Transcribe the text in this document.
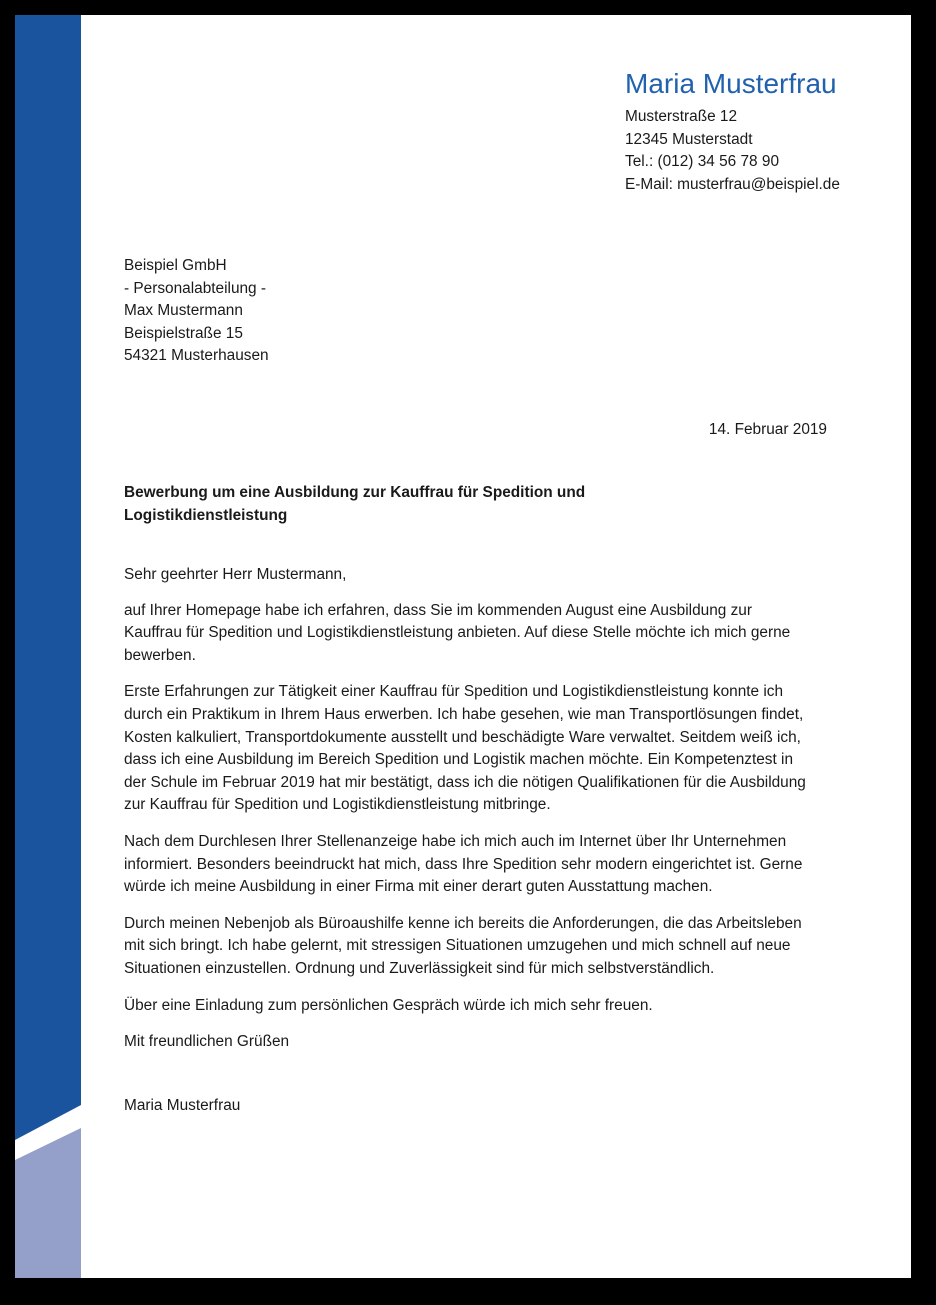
Maria Musterfrau
Musterstraße 12
12345 Musterstadt
Tel.: (012) 34 56 78 90
E-Mail: musterfrau@beispiel.de
Beispiel GmbH
- Personalabteilung -
Max Mustermann
Beispielstraße 15
54321 Musterhausen
14. Februar 2019
Bewerbung um eine Ausbildung zur Kauffrau für Spedition und Logistikdienstleistung
Sehr geehrter Herr Mustermann,

auf Ihrer Homepage habe ich erfahren, dass Sie im kommenden August eine Ausbildung zur Kauffrau für Spedition und Logistikdienstleistung anbieten. Auf diese Stelle möchte ich mich gerne bewerben.

Erste Erfahrungen zur Tätigkeit einer Kauffrau für Spedition und Logistikdienstleistung konnte ich durch ein Praktikum in Ihrem Haus erwerben. Ich habe gesehen, wie man Transportlösungen findet, Kosten kalkuliert, Transportdokumente ausstellt und beschädigte Ware verwaltet. Seitdem weiß ich, dass ich eine Ausbildung im Bereich Spedition und Logistik machen möchte. Ein Kompetenztest in der Schule im Februar 2019 hat mir bestätigt, dass ich die nötigen Qualifikationen für die Ausbildung zur Kauffrau für Spedition und Logistikdienstleistung mitbringe.

Nach dem Durchlesen Ihrer Stellenanzeige habe ich mich auch im Internet über Ihr Unternehmen informiert. Besonders beeindruckt hat mich, dass Ihre Spedition sehr modern eingerichtet ist. Gerne würde ich meine Ausbildung in einer Firma mit einer derart guten Ausstattung machen.

Durch meinen Nebenjob als Büroaushilfe kenne ich bereits die Anforderungen, die das Arbeitsleben mit sich bringt. Ich habe gelernt, mit stressigen Situationen umzugehen und mich schnell auf neue Situationen einzustellen. Ordnung und Zuverlässigkeit sind für mich selbstverständlich.

Über eine Einladung zum persönlichen Gespräch würde ich mich sehr freuen.

Mit freundlichen Grüßen
Maria Musterfrau
